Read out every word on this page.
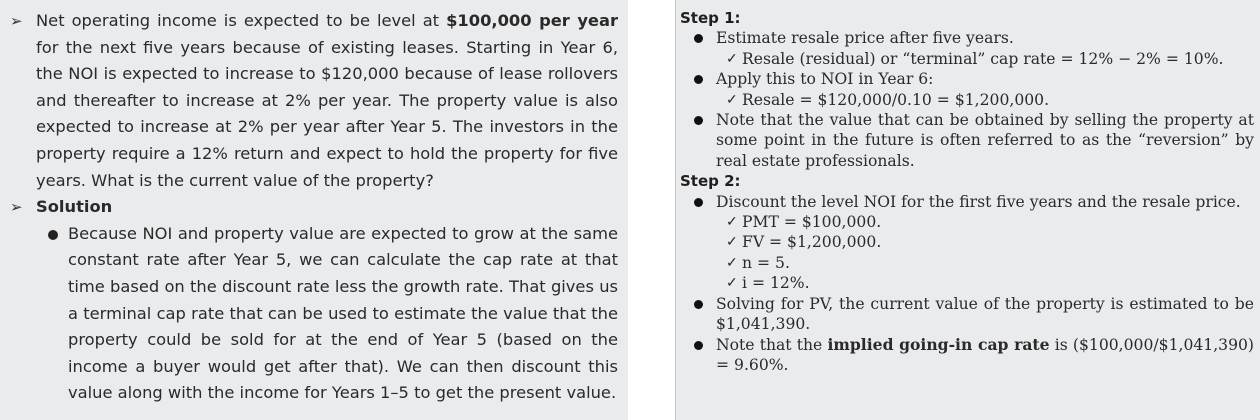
➢ Net operating income is expected to be level at $100,000 per year for the next five years because of existing leases. Starting in Year 6, the NOI is expected to increase to $120,000 because of lease rollovers and thereafter to increase at 2% per year. The property value is also expected to increase at 2% per year after Year 5. The investors in the property require a 12% return and expect to hold the property for five years. What is the current value of the property?
➢ Solution
Because NOI and property value are expected to grow at the same constant rate after Year 5, we can calculate the cap rate at that time based on the discount rate less the growth rate. That gives us a terminal cap rate that can be used to estimate the value that the property could be sold for at the end of Year 5 (based on the income a buyer would get after that). We can then discount this value along with the income for Years 1–5 to get the present value.
Step 1:
Estimate resale price after five years.
✓ Resale (residual) or “terminal” cap rate = 12% − 2% = 10%.
Apply this to NOI in Year 6:
✓ Resale = $120,000/0.10 = $1,200,000.
Note that the value that can be obtained by selling the property at some point in the future is often referred to as the “reversion” by real estate professionals.
Step 2:
Discount the level NOI for the first five years and the resale price.
✓ PMT = $100,000.
✓ FV = $1,200,000.
✓ n = 5.
✓ i = 12%.
Solving for PV, the current value of the property is estimated to be $1,041,390.
Note that the implied going-in cap rate is ($100,000/$1,041,390) = 9.60%.
